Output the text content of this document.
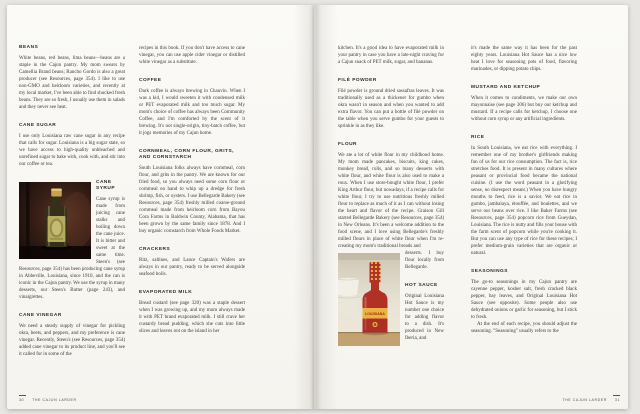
BEANS

White beans, red beans, lima beans—beans are a staple in the Cajun pantry. My mom swears by Camellia Brand beans; Rancho Gordo is also a great producer (see Resources, page 354). I like to use non-GMO and heirloom varieties, and recently at my local market, I've been able to find shucked fresh beans. They are so fresh, I usually use them in salads and they never see heat.

CANE SUGAR

I use only Louisiana raw cane sugar in any recipe that calls for sugar. Louisiana is a big sugar state, so we have access to high-quality unbleached and unrefined sugar to bake with, cook with, and stir into our coffee or tea.

CANE SYRUP

Cane syrup is made from juicing cane stalks and boiling down the cane juice. It is bitter and sweet at the same time. Steen's (see Resources, page 354) has been producing cane syrup in Abbeville, Louisiana, since 1910, and the can is iconic in the Cajun pantry. We use the syrup in many desserts, our Steen's Butter (page 243), and vinaigrettes.

CANE VINEGAR

We need a steady supply of vinegar for pickling okra, beets, and peppers, and my preference is cane vinegar. Recently, Steen's (see Resources, page 354) added cane vinegar to its product line, and you'll see it called for in some of the

recipes in this book. If you don't have access to cane vinegar, you can use apple cider vinegar or distilled white vinegar as a substitute.

COFFEE

Dark coffee is always brewing in Chauvin. When I was a kid, I would sweeten it with condensed milk or PET evaporated milk and too much sugar. My mom's choice of coffee has always been Community Coffee, and I'm comforted by the scent of it brewing. It's not single-origin, tiny-batch coffee, but it jogs memories of my Cajun home.

CORNMEAL, CORN FLOUR, GRITS, AND CORNSTARCH

South Louisiana folks always have cornmeal, corn flour, and grits in the pantry. We are known for our fried food, so you always need some corn flour or cornmeal on hand to whip up a dredge for fresh shrimp, fish, or oysters. I use Bellegarde Bakery (see Resources, page 354) freshly milled coarse-ground cornmeal made from heirloom corn from Bayou Cora Farms in Baldwin County, Alabama, that has been grown by the same family since 1878. And I buy organic cornstarch from Whole Foods Market.

CRACKERS

Ritz, saltines, and Lance Captain's Wafers are always in our pantry, ready to be served alongside seafood boils.

EVAPORATED MILK

Bread custard (see page 320) was a staple dessert when I was growing up, and my mom always made it with PET brand evaporated milk. I still crave her custardy bread pudding, which she cuts into little slices and leaves out on the island in her

30 THE CAJUN LARDER

kitchen. It's a good idea to have evaporated milk in your pantry in case you have a late-night craving for a Cajun snack of PET milk, sugar, and bananas.

FILÉ POWDER

Filé powder is ground dried sassafras leaves. It was traditionally used as a thickener for gumbo when okra wasn't in season and when you wanted to add extra flavor. You can put a bottle of filé powder on the table when you serve gumbo for your guests to sprinkle in as they like.

FLOUR

We ate a lot of white flour in my childhood home. My mom made pancakes, biscuits, king cakes, monkey bread, rolls, and so many desserts with white flour, and white flour is also used to make a roux. When I use store-bought white flour, I prefer King Arthur flour, but nowadays, if a recipe calls for white flour, I try to use nutritious freshly milled flour to replace as much of it as I can without losing the heart and flavor of the recipe. Graison Gill started Bellegarde Bakery (see Resources, page 354) in New Orleans. It's been a welcome addition to the food scene, and I love using Bellegarde's freshly milled flours in place of white flour when I'm re-creating my mom's traditional breads and

LOUISIANA

desserts. I buy flour locally from Bellegarde.

HOT SAUCE

Original Louisiana Hot Sauce is my number one choice for adding flavor to a dish. It's produced in New Iberia, and

it's made the same way it has been for the past eighty years. Louisiana Hot Sauce has a nice low heat I love for seasoning pots of food, flavoring marinades, or dipping potato chips.

MUSTARD AND KETCHUP

When it comes to condiments, we make our own mayonnaise (see page 306) but buy our ketchup and mustard. If a recipe calls for ketchup, I choose one without corn syrup or any artificial ingredients.

RICE

In South Louisiana, we eat rice with everything. I remember one of my brother's girlfriends making fun of us for our rice consumption. The fact is, rice stretches food. It is present in many cultures where peasant or provincial food became the national cuisine. (I use the word peasant in a glorifying sense, no disrespect meant.) When you have hungry mouths to feed, rice is a savior. We eat rice in gumbo, jambalaya, étouffée, and boulettes, and we serve our beans over rice. I like Baker Farms (see Resources, page 354) popcorn rice from Gueydan, Louisiana. The rice is nutty and fills your house with the farm scent of popcorn while you're cooking it. But you can use any type of rice for these recipes; I prefer medium-grain varieties that are organic or natural.

SEASONINGS

The go-to seasonings in my Cajun pantry are cayenne pepper, kosher salt, fresh cracked black pepper, bay leaves, and Original Louisiana Hot Sauce (see opposite). Some people also use dehydrated onions or garlic for seasoning, but I stick to fresh.

At the end of each recipe, you should adjust the seasoning. "Seasoning" usually refers to the

THE CAJUN LARDER 31
